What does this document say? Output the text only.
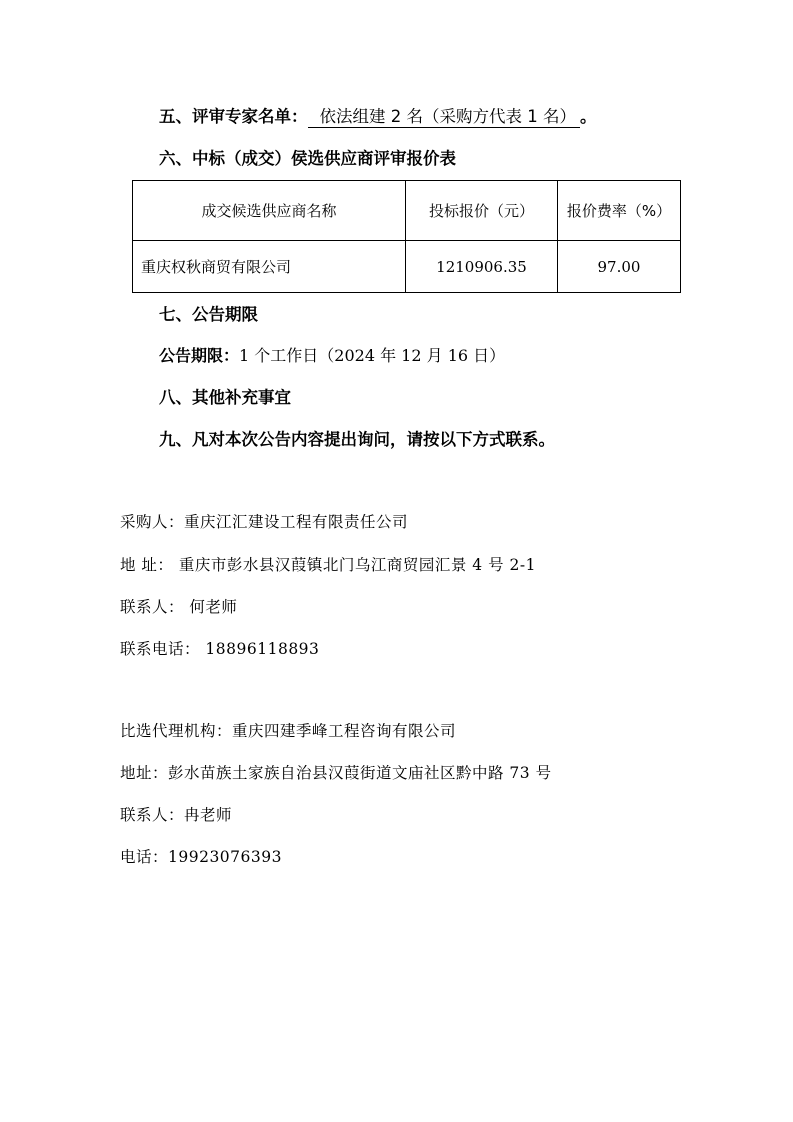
五、评审专家名单： 依法组建 2 名（采购方代表 1 名） 。
六、中标（成交）侯选供应商评审报价表
成交候选供应商名称	投标报价（元）	报价费率（%）
重庆权秋商贸有限公司	1210906.35	97.00
七、公告期限
公告期限：1 个工作日（2024 年 12 月 16 日）
八、其他补充事宜
九、凡对本次公告内容提出询问，请按以下方式联系。
采购人：重庆江汇建设工程有限责任公司
地 址： 重庆市彭水县汉葭镇北门乌江商贸园汇景 4 号 2-1
联系人： 何老师
联系电话： 18896118893
比选代理机构：重庆四建季峰工程咨询有限公司
地址：彭水苗族土家族自治县汉葭街道文庙社区黔中路 73 号
联系人：冉老师
电话：19923076393
